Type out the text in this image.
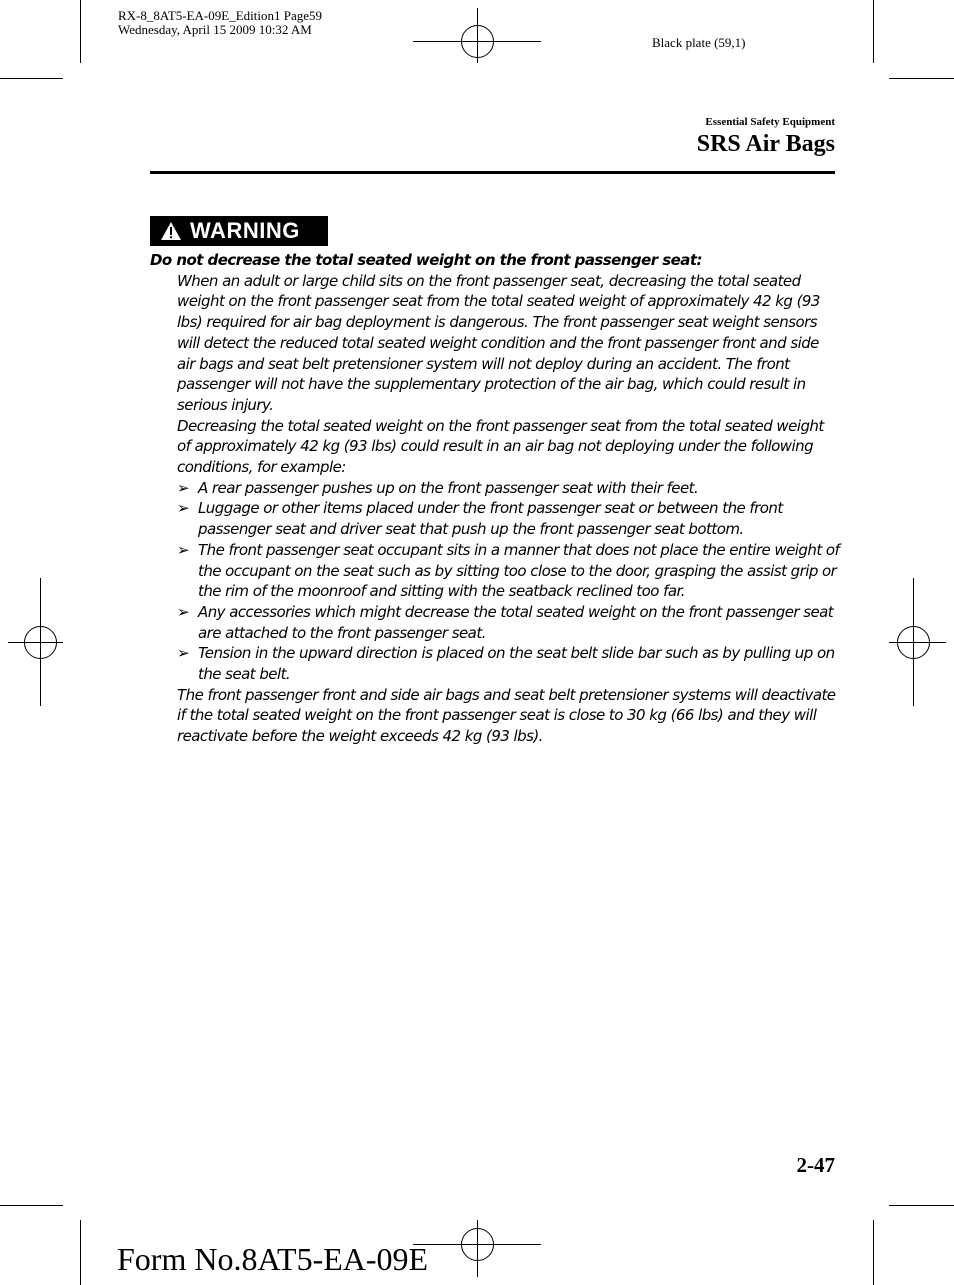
RX-8_8AT5-EA-09E_Edition1 Page59
Wednesday, April 15 2009 10:32 AM
Black plate (59,1)
Essential Safety Equipment
SRS Air Bags
WARNING
Do not decrease the total seated weight on the front passenger seat:
When an adult or large child sits on the front passenger seat, decreasing the total seated weight on the front passenger seat from the total seated weight of approximately 42 kg (93 lbs) required for air bag deployment is dangerous. The front passenger seat weight sensors will detect the reduced total seated weight condition and the front passenger front and side air bags and seat belt pretensioner system will not deploy during an accident. The front passenger will not have the supplementary protection of the air bag, which could result in serious injury.
Decreasing the total seated weight on the front passenger seat from the total seated weight of approximately 42 kg (93 lbs) could result in an air bag not deploying under the following conditions, for example:
➢ A rear passenger pushes up on the front passenger seat with their feet.
➢ Luggage or other items placed under the front passenger seat or between the front passenger seat and driver seat that push up the front passenger seat bottom.
➢ The front passenger seat occupant sits in a manner that does not place the entire weight of the occupant on the seat such as by sitting too close to the door, grasping the assist grip or the rim of the moonroof and sitting with the seatback reclined too far.
➢ Any accessories which might decrease the total seated weight on the front passenger seat are attached to the front passenger seat.
➢ Tension in the upward direction is placed on the seat belt slide bar such as by pulling up on the seat belt.
The front passenger front and side air bags and seat belt pretensioner systems will deactivate if the total seated weight on the front passenger seat is close to 30 kg (66 lbs) and they will reactivate before the weight exceeds 42 kg (93 lbs).
2-47
Form No.8AT5-EA-09E
